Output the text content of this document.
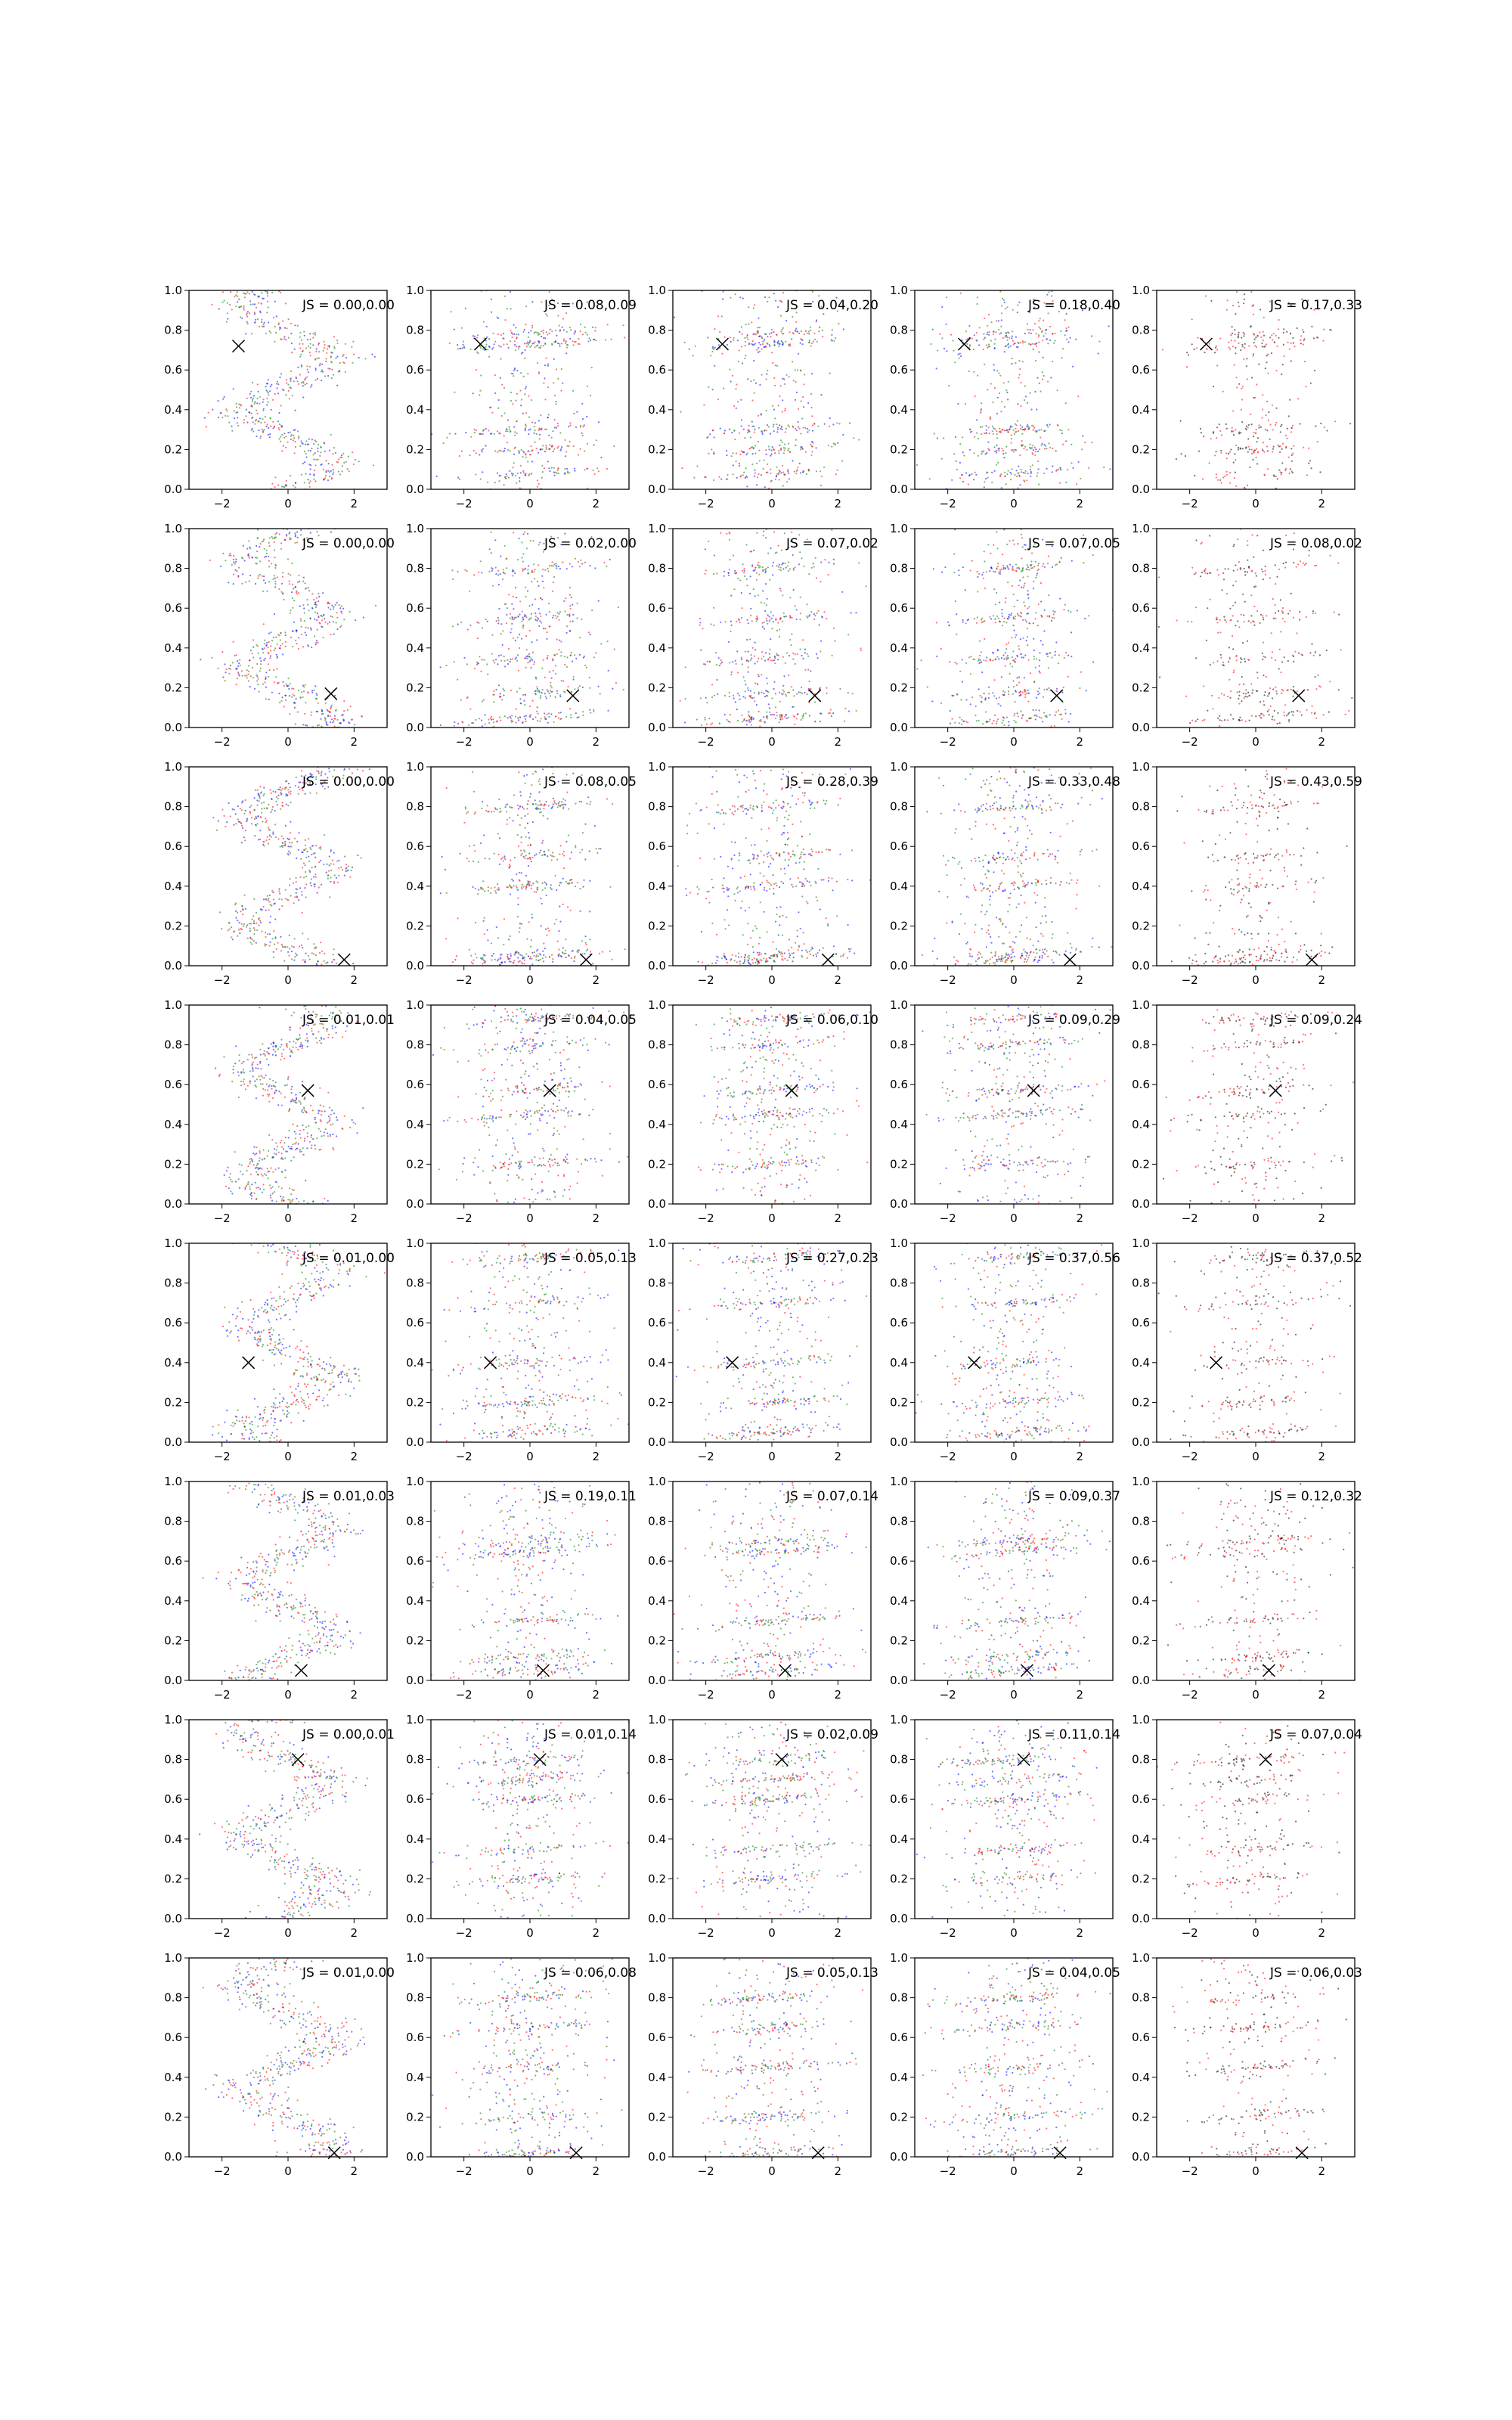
−2	0	2
0.0
0.2
0.4
0.6
0.8
1.0
JS = 0.00,0.00
−2	0	2
0.0
0.2
0.4
0.6
0.8
1.0
JS = 0.08,0.09
−2	0	2
0.0
0.2
0.4
0.6
0.8
1.0
JS = 0.04,0.20
−2	0	2
0.0
0.2
0.4
0.6
0.8
1.0
JS = 0.18,0.40
−2	0	2
0.0
0.2
0.4
0.6
0.8
1.0
JS = 0.17,0.33
−2	0	2
0.0
0.2
0.4
0.6
0.8
1.0
JS = 0.00,0.00
−2	0	2
0.0
0.2
0.4
0.6
0.8
1.0
JS = 0.02,0.00
−2	0	2
0.0
0.2
0.4
0.6
0.8
1.0
JS = 0.07,0.02
−2	0	2
0.0
0.2
0.4
0.6
0.8
1.0
JS = 0.07,0.05
−2	0	2
0.0
0.2
0.4
0.6
0.8
1.0
JS = 0.08,0.02
−2	0	2
0.0
0.2
0.4
0.6
0.8
1.0
JS = 0.00,0.00
−2	0	2
0.0
0.2
0.4
0.6
0.8
1.0
JS = 0.08,0.05
−2	0	2
0.0
0.2
0.4
0.6
0.8
1.0
JS = 0.28,0.39
−2	0	2
0.0
0.2
0.4
0.6
0.8
1.0
JS = 0.33,0.48
−2	0	2
0.0
0.2
0.4
0.6
0.8
1.0
JS = 0.43,0.59
−2	0	2
0.0
0.2
0.4
0.6
0.8
1.0
JS = 0.01,0.01
−2	0	2
0.0
0.2
0.4
0.6
0.8
1.0
JS = 0.04,0.05
−2	0	2
0.0
0.2
0.4
0.6
0.8
1.0
JS = 0.06,0.10
−2	0	2
0.0
0.2
0.4
0.6
0.8
1.0
JS = 0.09,0.29
−2	0	2
0.0
0.2
0.4
0.6
0.8
1.0
JS = 0.09,0.24
−2	0	2
0.0
0.2
0.4
0.6
0.8
1.0
JS = 0.01,0.00
−2	0	2
0.0
0.2
0.4
0.6
0.8
1.0
JS = 0.05,0.13
−2	0	2
0.0
0.2
0.4
0.6
0.8
1.0
JS = 0.27,0.23
−2	0	2
0.0
0.2
0.4
0.6
0.8
1.0
JS = 0.37,0.56
−2	0	2
0.0
0.2
0.4
0.6
0.8
1.0
JS = 0.37,0.52
−2	0	2
0.0
0.2
0.4
0.6
0.8
1.0
JS = 0.01,0.03
−2	0	2
0.0
0.2
0.4
0.6
0.8
1.0
JS = 0.19,0.11
−2	0	2
0.0
0.2
0.4
0.6
0.8
1.0
JS = 0.07,0.14
−2	0	2
0.0
0.2
0.4
0.6
0.8
1.0
JS = 0.09,0.37
−2	0	2
0.0
0.2
0.4
0.6
0.8
1.0
JS = 0.12,0.32
−2	0	2
0.0
0.2
0.4
0.6
0.8
1.0
JS = 0.00,0.01
−2	0	2
0.0
0.2
0.4
0.6
0.8
1.0
JS = 0.01,0.14
−2	0	2
0.0
0.2
0.4
0.6
0.8
1.0
JS = 0.02,0.09
−2	0	2
0.0
0.2
0.4
0.6
0.8
1.0
JS = 0.11,0.14
−2	0	2
0.0
0.2
0.4
0.6
0.8
1.0
JS = 0.07,0.04
−2	0	2
0.0
0.2
0.4
0.6
0.8
1.0
JS = 0.01,0.00
−2	0	2
0.0
0.2
0.4
0.6
0.8
1.0
JS = 0.06,0.08
−2	0	2
0.0
0.2
0.4
0.6
0.8
1.0
JS = 0.05,0.13
−2	0	2
0.0
0.2
0.4
0.6
0.8
1.0
JS = 0.04,0.05
−2	0	2
0.0
0.2
0.4
0.6
0.8
1.0
JS = 0.06,0.03
